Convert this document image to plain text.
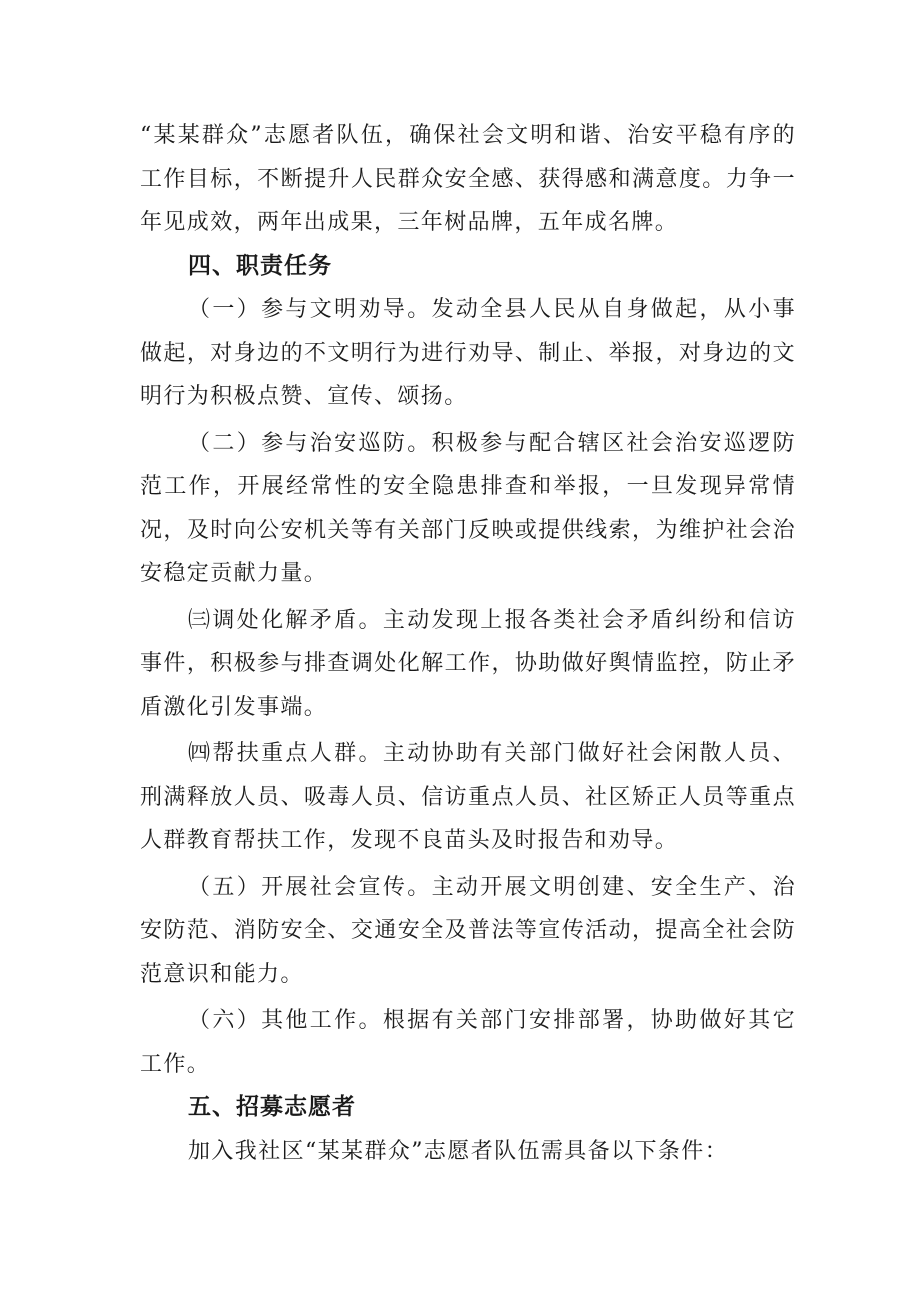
“某某群众”志愿者队伍，确保社会文明和谐、治安平稳有序的工作目标，不断提升人民群众安全感、获得感和满意度。力争一年见成效，两年出成果，三年树品牌，五年成名牌。

四、职责任务

（一）参与文明劝导。发动全县人民从自身做起，从小事做起，对身边的不文明行为进行劝导、制止、举报，对身边的文明行为积极点赞、宣传、颂扬。

（二）参与治安巡防。积极参与配合辖区社会治安巡逻防范工作，开展经常性的安全隐患排查和举报，一旦发现异常情况，及时向公安机关等有关部门反映或提供线索，为维护社会治安稳定贡献力量。

㈢调处化解矛盾。主动发现上报各类社会矛盾纠纷和信访事件，积极参与排查调处化解工作，协助做好舆情监控，防止矛盾激化引发事端。

㈣帮扶重点人群。主动协助有关部门做好社会闲散人员、刑满释放人员、吸毒人员、信访重点人员、社区矫正人员等重点人群教育帮扶工作，发现不良苗头及时报告和劝导。

（五）开展社会宣传。主动开展文明创建、安全生产、治安防范、消防安全、交通安全及普法等宣传活动，提高全社会防范意识和能力。

（六）其他工作。根据有关部门安排部署，协助做好其它工作。

五、招募志愿者

加入我社区“某某群众”志愿者队伍需具备以下条件：
